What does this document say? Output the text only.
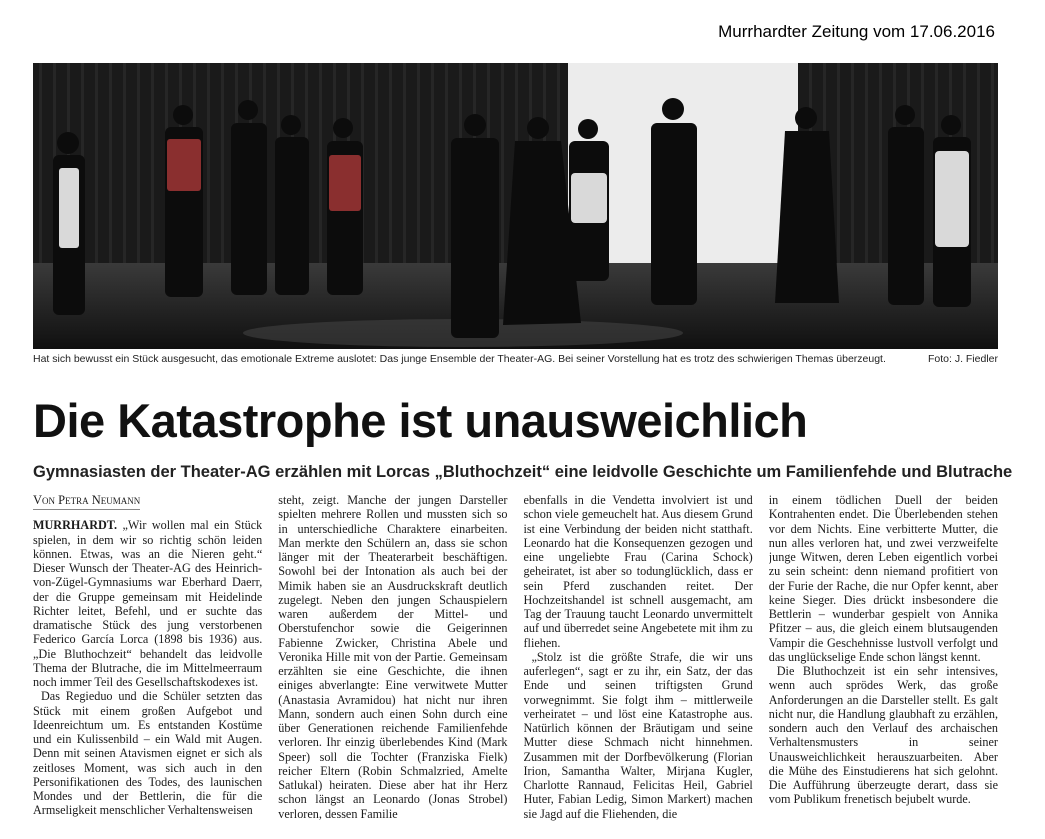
Murrhardter Zeitung vom 17.06.2016
Hat sich bewusst ein Stück ausgesucht, das emotionale Extreme auslotet: Das junge Ensemble der Theater-AG. Bei seiner Vorstellung hat es trotz des schwierigen Themas überzeugt.	Foto: J. Fiedler
Die Katastrophe ist unausweichlich
Gymnasiasten der Theater-AG erzählen mit Lorcas „Bluthochzeit“ eine leidvolle Geschichte um Familienfehde und Blutrache
Von Petra Neumann

MURRHARDT. „Wir wollen mal ein Stück spielen, in dem wir so richtig schön leiden können. Etwas, was an die Nieren geht.“ Dieser Wunsch der Theater-AG des Heinrich-von-Zügel-Gymnasiums war Eberhard Daerr, der die Gruppe gemeinsam mit Heidelinde Richter leitet, Befehl, und er suchte das dramatische Stück des jung verstorbenen Federico García Lorca (1898 bis 1936) aus. „Die Bluthochzeit“ behandelt das leidvolle Thema der Blutrache, die im Mittelmeerraum noch immer Teil des Gesellschaftskodexes ist.

Das Regieduo und die Schüler setzten das Stück mit einem großen Aufgebot und Ideenreichtum um. Es entstanden Kostüme und ein Kulissenbild – ein Wald mit Augen. Denn mit seinen Atavismen eignet er sich als zeitloses Moment, was sich auch in den Personifikationen des Todes, des launischen Mondes und der Bettlerin, die für die Armseligkeit menschlicher Verhaltensweisen

steht, zeigt. Manche der jungen Darsteller spielten mehrere Rollen und mussten sich so in unterschiedliche Charaktere einarbeiten. Man merkte den Schülern an, dass sie schon länger mit der Theaterarbeit beschäftigen. Sowohl bei der Intonation als auch bei der Mimik haben sie an Ausdruckskraft deutlich zugelegt. Neben den jungen Schauspielern waren außerdem der Mittel- und Oberstufenchor sowie die Geigerinnen Fabienne Zwicker, Christina Abele und Veronika Hille mit von der Partie. Gemeinsam erzählten sie eine Geschichte, die ihnen einiges abverlangte: Eine verwitwete Mutter (Anastasia Avramidou) hat nicht nur ihren Mann, sondern auch einen Sohn durch eine über Generationen reichende Familienfehde verloren. Ihr einzig überlebendes Kind (Mark Speer) soll die Tochter (Franziska Fielk) reicher Eltern (Robin Schmalzried, Amelte Satlukal) heiraten. Diese aber hat ihr Herz schon längst an Leonardo (Jonas Strobel) verloren, dessen Familie

ebenfalls in die Vendetta involviert ist und schon viele gemeuchelt hat. Aus diesem Grund ist eine Verbindung der beiden nicht statthaft. Leonardo hat die Konsequenzen gezogen und eine ungeliebte Frau (Carina Schock) geheiratet, ist aber so todunglücklich, dass er sein Pferd zuschanden reitet. Der Hochzeitshandel ist schnell ausgemacht, am Tag der Trauung taucht Leonardo unvermittelt auf und überredet seine Angebetete mit ihm zu fliehen.

„Stolz ist die größte Strafe, die wir uns auferlegen“, sagt er zu ihr, ein Satz, der das Ende und seinen triftigsten Grund vorwegnimmt. Sie folgt ihm – mittlerweile verheiratet – und löst eine Katastrophe aus. Natürlich können der Bräutigam und seine Mutter diese Schmach nicht hinnehmen. Zusammen mit der Dorfbevölkerung (Florian Irion, Samantha Walter, Mirjana Kugler, Charlotte Rannaud, Felicitas Heil, Gabriel Huter, Fabian Ledig, Simon Markert) machen sie Jagd auf die Fliehenden, die

in einem tödlichen Duell der beiden Kontrahenten endet. Die Überlebenden stehen vor dem Nichts. Eine verbitterte Mutter, die nun alles verloren hat, und zwei verzweifelte junge Witwen, deren Leben eigentlich vorbei zu sein scheint: denn niemand profitiert von der Furie der Rache, die nur Opfer kennt, aber keine Sieger. Dies drückt insbesondere die Bettlerin – wunderbar gespielt von Annika Pfitzer – aus, die gleich einem blutsaugenden Vampir die Geschehnisse lustvoll verfolgt und das unglückselige Ende schon längst kennt.

Die Bluthochzeit ist ein sehr intensives, wenn auch sprödes Werk, das große Anforderungen an die Darsteller stellt. Es galt nicht nur, die Handlung glaubhaft zu erzählen, sondern auch den Verlauf des archaischen Verhaltensmusters in seiner Unausweichlichkeit herauszuarbeiten. Aber die Mühe des Einstudierens hat sich gelohnt. Die Aufführung überzeugte derart, dass sie vom Publikum frenetisch bejubelt wurde.
